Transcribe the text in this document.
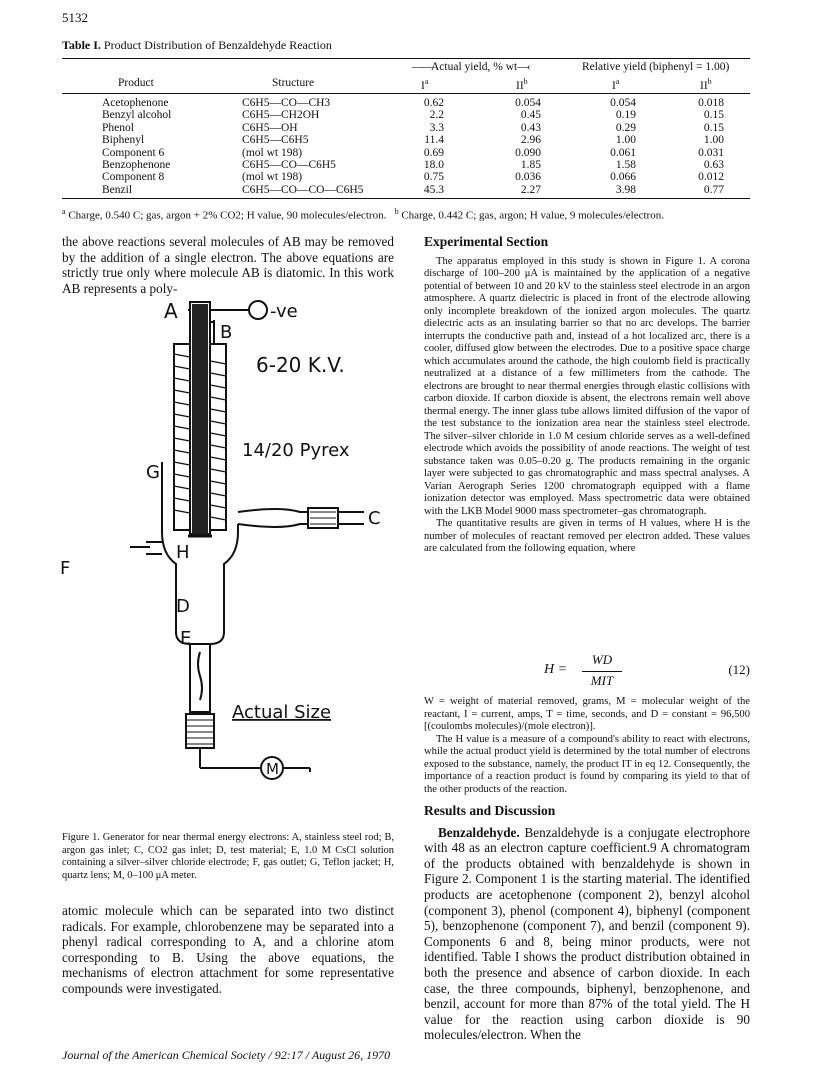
5132
Table I. Product Distribution of Benzaldehyde Reaction
——Actual yield, % wt—‹	Relative yield (biphenyl = 1.00)
Product	Structure	$I^a$	$II^b$	$I^a$	$II^b$
Acetophenone	C6H5—CO—CH3	0.62	0.054	0.054	0.018
Benzyl alcohol	C6H5—CH2OH	2.2	0.45	0.19	0.15
Phenol	C6H5—OH	3.3	0.43	0.29	0.15
Biphenyl	C6H5—C6H5	11.4	2.96	1.00	1.00
Component 6	(mol wt 198)	0.69	0.090	0.061	0.031
Benzophenone	C6H5—CO—C6H5	18.0	1.85	1.58	0.63
Component 8	(mol wt 198)	0.75	0.036	0.066	0.012
Benzil	C6H5—CO—CO—C6H5	45.3	2.27	3.98	0.77
$^a$ Charge, 0.540 C; gas, argon + 2% CO2; H value, 90 molecules/electron. $^b$ Charge, 0.442 C; gas, argon; H value, 9 molecules/electron.

the above reactions several molecules of AB may be removed by the addition of a single electron. The above equations are strictly true only where molecule AB is diatomic. In this work AB represents a poly-

A	-ve
B
6-20 K.V.
14/20 Pyrex
G
C
H
F
D
E
Actual Size
M
Figure 1. Generator for near thermal energy electrons: A, stainless steel rod; B, argon gas inlet; C, CO2 gas inlet; D, test material; E, 1.0 M CsCl solution containing a silver–silver chloride electrode; F, gas outlet; G, Teflon jacket; H, quartz lens; M, 0–100 μA meter.

atomic molecule which can be separated into two distinct radicals. For example, chlorobenzene may be separated into a phenyl radical corresponding to A, and a chlorine atom corresponding to B. Using the above equations, the mechanisms of electron attachment for some representative compounds were investigated.

Experimental Section

The apparatus employed in this study is shown in Figure 1. A corona discharge of 100–200 μA is maintained by the application of a negative potential of between 10 and 20 kV to the stainless steel electrode in an argon atmosphere. A quartz dielectric is placed in front of the electrode allowing only incomplete breakdown of the ionized argon molecules. The quartz dielectric acts as an insulating barrier so that no arc develops. The barrier interrupts the conductive path and, instead of a hot localized arc, there is a cooler, diffused glow between the electrodes. Due to a positive space charge which accumulates around the cathode, the high coulomb field is practically neutralized at a distance of a few millimeters from the cathode. The electrons are brought to near thermal energies through elastic collisions with carbon dioxide. If carbon dioxide is absent, the electrons remain well above thermal energy. The inner glass tube allows limited diffusion of the vapor of the test substance to the ionization area near the stainless steel electrode. The silver–silver chloride in 1.0 M cesium chloride serves as a well-defined electrode which avoids the possibility of anode reactions. The weight of test substance taken was 0.05–0.20 g. The products remaining in the organic layer were subjected to gas chromatographic and mass spectral analyses. A Varian Aerograph Series 1200 chromatograph equipped with a flame ionization detector was employed. Mass spectrometric data were obtained with the LKB Model 9000 mass spectrometer–gas chromatograph.

The quantitative results are given in terms of H values, where H is the number of molecules of reactant removed per electron added. These values are calculated from the following equation, where

H =
WD
MIT
(12)

W = weight of material removed, grams, M = molecular weight of the reactant, I = current, amps, T = time, seconds, and D = constant = 96,500 [(coulombs molecules)/(mole electron)].

The H value is a measure of a compound's ability to react with electrons, while the actual product yield is determined by the total number of electrons exposed to the substance, namely, the product IT in eq 12. Consequently, the importance of a reaction product is found by comparing its yield to that of the other products of the reaction.

Results and Discussion

Benzaldehyde. Benzaldehyde is a conjugate electrophore with 48 as an electron capture coefficient.9 A chromatogram of the products obtained with benzaldehyde is shown in Figure 2. Component 1 is the starting material. The identified products are acetophenone (component 2), benzyl alcohol (component 3), phenol (component 4), biphenyl (component 5), benzophenone (component 7), and benzil (component 9). Components 6 and 8, being minor products, were not identified. Table I shows the product distribution obtained in both the presence and absence of carbon dioxide. In each case, the three compounds, biphenyl, benzophenone, and benzil, account for more than 87% of the total yield. The H value for the reaction using carbon dioxide is 90 molecules/electron. When the

Journal of the American Chemical Society / 92:17 / August 26, 1970
